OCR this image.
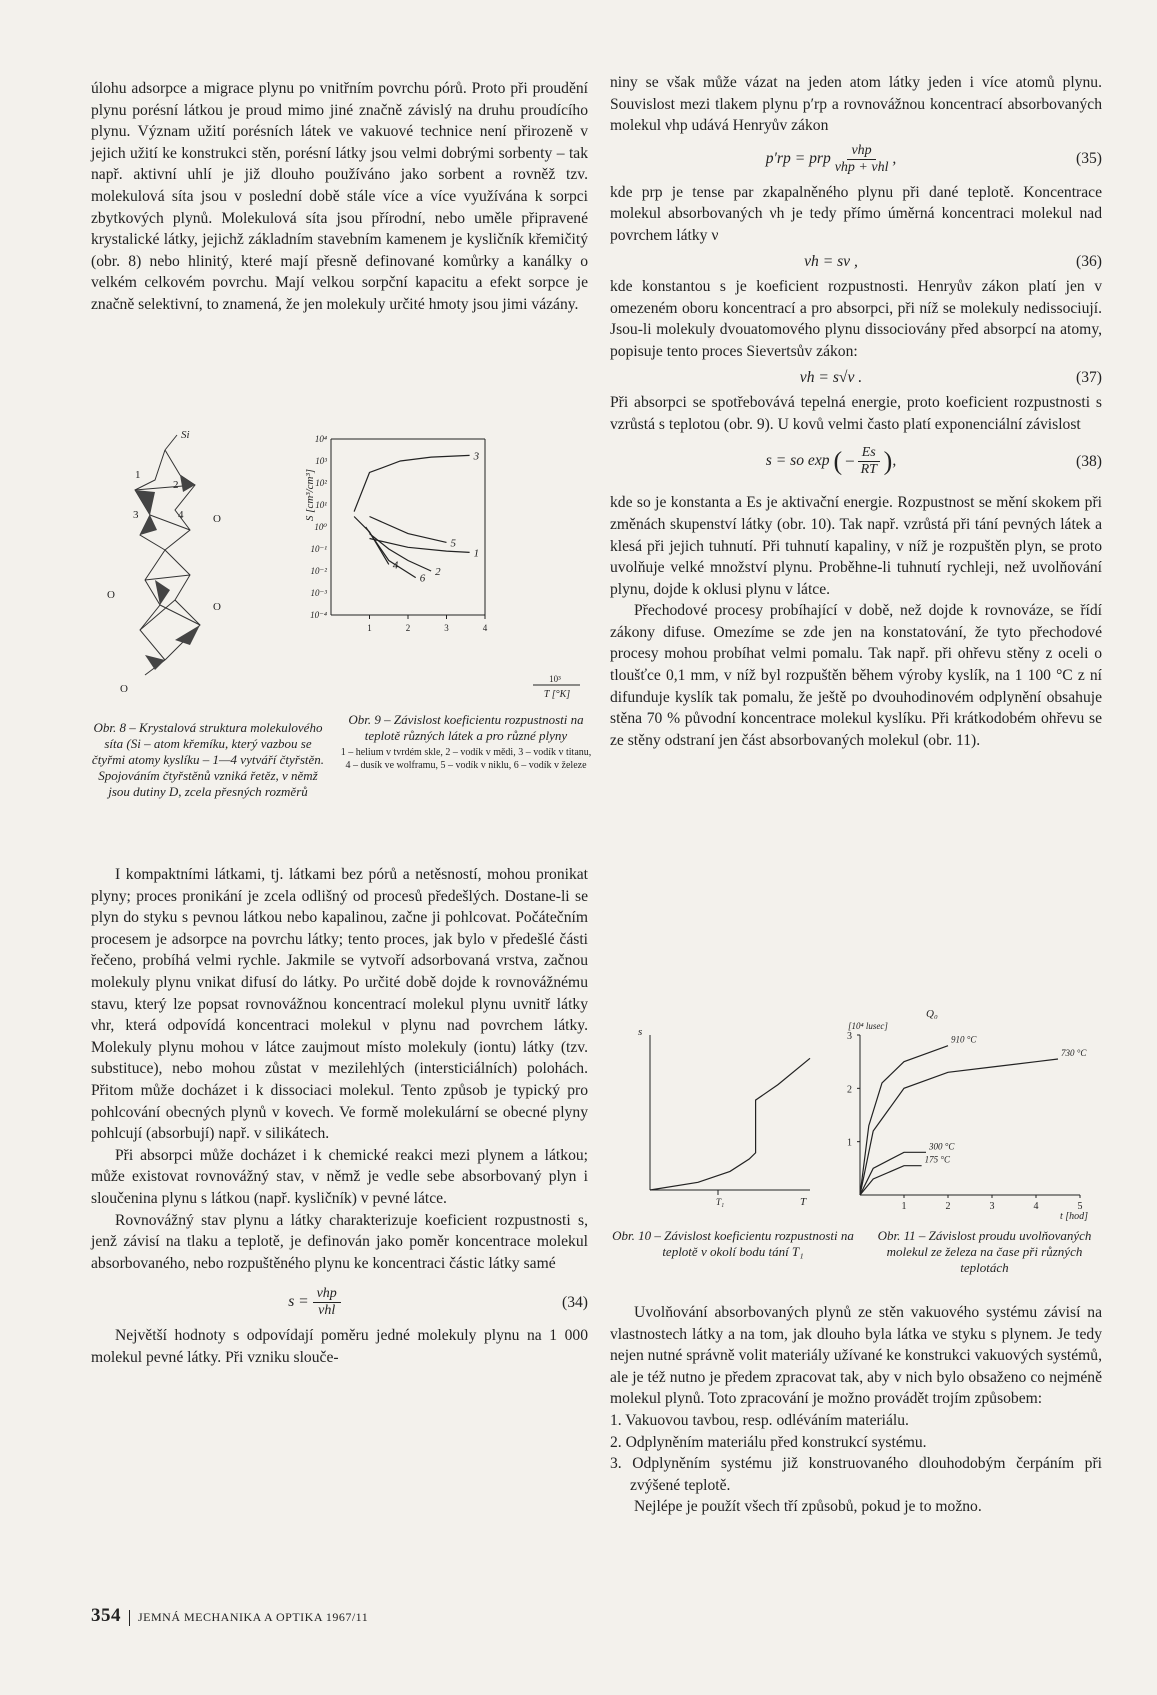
úlohu adsorpce a migrace plynu po vnitřním povrchu pórů. Proto při proudění plynu porésní látkou je proud mimo jiné značně závislý na druhu proudícího plynu. Význam užití porésních látek ve vakuové technice není přirozeně v jejich užití ke konstrukci stěn, porésní látky jsou velmi dobrými sorbenty – tak např. aktivní uhlí je již dlouho používáno jako sorbent a rovněž tzv. molekulová síta jsou v poslední době stále více a více využívána k sorpci zbytkových plynů. Molekulová síta jsou přírodní, nebo uměle připravené krystalické látky, jejichž základním stavebním kamenem je kysličník křemičitý (obr. 8) nebo hlinitý, které mají přesně definované komůrky a kanálky o velkém celkovém povrchu. Mají velkou sorpční kapacitu a efekt sorpce je značně selektivní, to znamená, že jen molekuly určité hmoty jsou jimi vázány.

Si
1
2
3	4	O
O
O
O
S [cm³/cm³]
10⁴
10³
10²
10¹
10⁰
10⁻¹
10⁻²
10⁻³
10⁻⁴
1	2	3	4
1
2
3
4
5
6
10³
T [°K]
Obr. 8 – Krystalová struktura molekulového síta (Si – atom křemíku, který vazbou se čtyřmi atomy kyslíku – 1—4 vytváří čtyřstěn. Spojováním čtyřstěnů vzniká řetěz, v němž jsou dutiny D, zcela přesných rozměrů
Obr. 9 – Závislost koeficientu rozpustnosti na teplotě různých látek a pro různé plyny
1 – helium v tvrdém skle, 2 – vodík v mědi, 3 – vodík v titanu, 4 – dusík ve wolframu, 5 – vodík v niklu, 6 – vodík v železe

I kompaktními látkami, tj. látkami bez pórů a netěsností, mohou pronikat plyny; proces pronikání je zcela odlišný od procesů předešlých. Dostane-li se plyn do styku s pevnou látkou nebo kapalinou, začne ji pohlcovat. Počátečním procesem je adsorpce na povrchu látky; tento proces, jak bylo v předešlé části řečeno, probíhá velmi rychle. Jakmile se vytvoří adsorbovaná vrstva, začnou molekuly plynu vnikat difusí do látky. Po určité době dojde k rovnovážnému stavu, který lze popsat rovnovážnou koncentrací molekul plynu uvnitř látky νhr, která odpovídá koncentraci molekul ν plynu nad povrchem látky. Molekuly plynu mohou v látce zaujmout místo molekuly (iontu) látky (tzv. substituce), nebo mohou zůstat v mezilehlých (intersticiálních) polohách. Přitom může docházet i k dissociaci molekul. Tento způsob je typický pro pohlcování obecných plynů v kovech. Ve formě molekulární se obecné plyny pohlcují (absorbují) např. v silikátech.

Při absorpci může docházet i k chemické reakci mezi plynem a látkou; může existovat rovnovážný stav, v němž je vedle sebe absorbovaný plyn i sloučenina plynu s látkou (např. kysličník) v pevné látce.

Rovnovážný stav plynu a látky charakterizuje koeficient rozpustnosti s, jenž závisí na tlaku a teplotě, je definován jako poměr koncentrace molekul absorbovaného, nebo rozpuštěného plynu ke koncentraci částic látky samé

$s = \frac{\text{νhp}}{\text{νhl}}$	(34)

Největší hodnoty s odpovídají poměru jedné molekuly plynu na 1 000 molekul pevné látky. Při vzniku slouče-

niny se však může vázat na jeden atom látky jeden i více atomů plynu. Souvislost mezi tlakem plynu p′rp a rovnovážnou koncentrací absorbovaných molekul νhp udává Henryův zákon

p′rp = prp $\frac{\text{νhp}}{\text{νhp + νhl}}$ ,	(35)

kde prp je tense par zkapalněného plynu při dané teplotě. Koncentrace molekul absorbovaných νh je tedy přímo úměrná koncentraci molekul nad povrchem látky ν

νh = sν ,	(36)

kde konstantou s je koeficient rozpustnosti. Henryův zákon platí jen v omezeném oboru koncentrací a pro absorpci, při níž se molekuly nedissociují. Jsou-li molekuly dvouatomového plynu dissociovány před absorpcí na atomy, popisuje tento proces Sievertsův zákon:

νh = s√ν .	(37)

Při absorpci se spotřebovává tepelná energie, proto koeficient rozpustnosti s vzrůstá s teplotou (obr. 9). U kovů velmi často platí exponenciální závislost

s = so exp ( – $\frac{Es}{RT}$ ),	(38)

kde so je konstanta a Es je aktivační energie. Rozpustnost se mění skokem při změnách skupenství látky (obr. 10). Tak např. vzrůstá při tání pevných látek a klesá při jejich tuhnutí. Při tuhnutí kapaliny, v níž je rozpuštěn plyn, se proto uvolňuje velké množství plynu. Proběhne-li tuhnutí rychleji, než uvolňování plynu, dojde k oklusi plynu v látce.

Přechodové procesy probíhající v době, než dojde k rovnováze, se řídí zákony difuse. Omezíme se zde jen na konstatování, že tyto přechodové procesy mohou probíhat velmi pomalu. Tak např. při ohřevu stěny z oceli o tloušťce 0,1 mm, v níž byl rozpuštěn během výroby kyslík, na 1 100 °C z ní difunduje kyslík tak pomalu, že ještě po dvouhodinovém odplynění obsahuje stěna 70 % původní koncentrace molekul kyslíku. Při krátkodobém ohřevu se ze stěny odstraní jen část absorbovaných molekul (obr. 11).

s
T
T₁
Q₀
[10⁴ lusec]
1
2
3
1	2	3	4	5
910 °C
730 °C
300 °C
175 °C
t [hod]
Obr. 10 – Závislost koeficientu rozpustnosti na teplotě v okolí bodu tání T₁
Obr. 11 – Závislost proudu uvolňovaných molekul ze železa na čase při různých teplotách

Uvolňování absorbovaných plynů ze stěn vakuového systému závisí na vlastnostech látky a na tom, jak dlouho byla látka ve styku s plynem. Je tedy nejen nutné správně volit materiály užívané ke konstrukci vakuových systémů, ale je též nutno je předem zpracovat tak, aby v nich bylo obsaženo co nejméně molekul plynů. Toto zpracování je možno provádět trojím způsobem:

1. Vakuovou tavbou, resp. odléváním materiálu.

2. Odplyněním materiálu před konstrukcí systému.

3. Odplyněním systému již konstruovaného dlouhodobým čerpáním při zvýšené teplotě.

Nejlépe je použít všech tří způsobů, pokud je to možno.

354 JEMNÁ MECHANIKA A OPTIKA 1967/11
